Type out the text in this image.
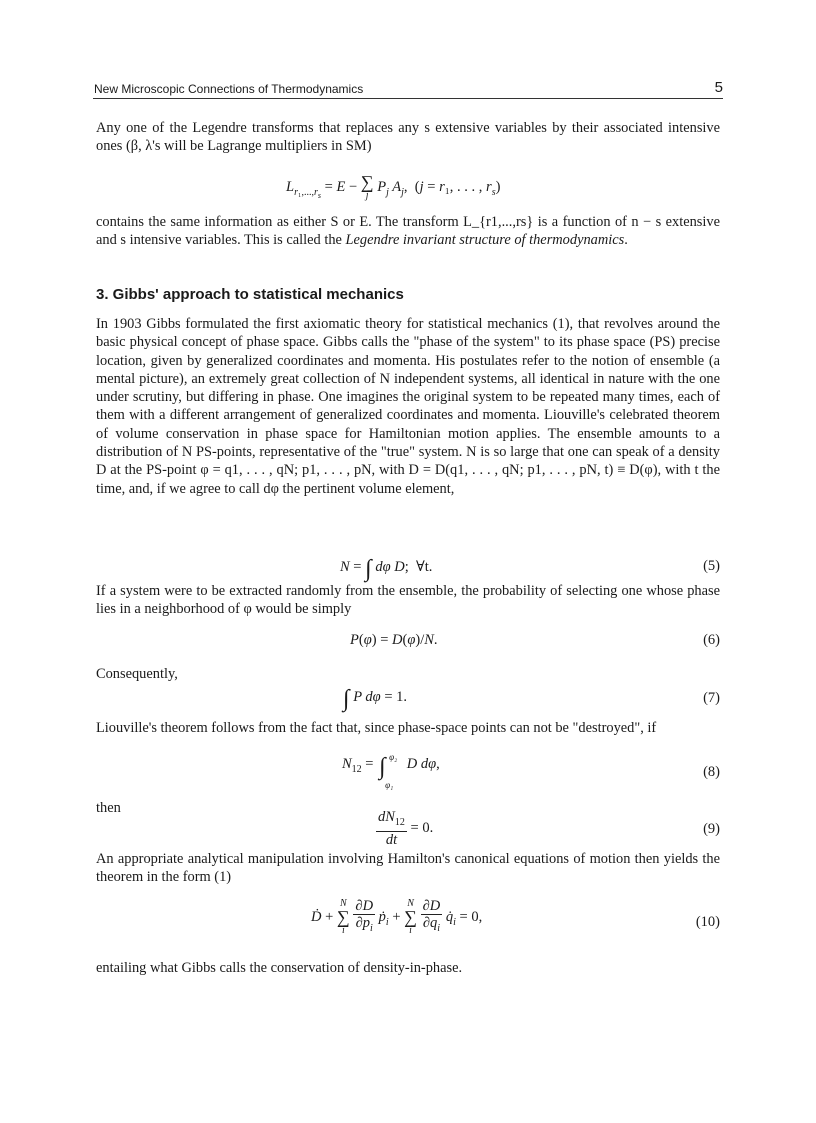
New Microscopic Connections of Thermodynamics	5
Any one of the Legendre transforms that replaces any s extensive variables by their associated intensive ones (β, λ's will be Lagrange multipliers in SM)
$L_{r_1,...,r_s} = E$ − ∑
j
$P_j$ $A_j$,  (j = r₁, . . . , $r_s$)
contains the same information as either S or E. The transform L_{r1,...,rs} is a function of n − s extensive and s intensive variables. This is called the Legendre invariant structure of thermodynamics.
3. Gibbs' approach to statistical mechanics
In 1903 Gibbs formulated the first axiomatic theory for statistical mechanics (1), that revolves around the basic physical concept of phase space. Gibbs calls the "phase of the system" to its phase space (PS) precise location, given by generalized coordinates and momenta. His postulates refer to the notion of ensemble (a mental picture), an extremely great collection of N independent systems, all identical in nature with the one under scrutiny, but differing in phase. One imagines the original system to be repeated many times, each of them with a different arrangement of generalized coordinates and momenta. Liouville's celebrated theorem of volume conservation in phase space for Hamiltonian motion applies. The ensemble amounts to a distribution of N PS-points, representative of the "true" system. N is so large that one can speak of a density D at the PS-point φ = q1, . . . , qN; p1, . . . , pN, with D = D(q1, . . . , qN; p1, . . . , pN, t) ≡ D(φ), with t the time, and, if we agree to call dφ the pertinent volume element,
N = ∫ dφ D;  ∀t.	(5)
If a system were to be extracted randomly from the ensemble, the probability of selecting one whose phase lies in a neighborhood of φ would be simply
P(φ) = D(φ)/N.	(6)
Consequently,
∫ P dφ = 1.	(7)
Liouville's theorem follows from the fact that, since phase-space points can not be "destroyed", if
$N_{12}$ = ∫ φ₂
φ₁
D dφ,	(8)
then
$\frac{dN_{12}}{dt} = 0$.	(9)
An appropriate analytical manipulation involving Hamilton's canonical equations of motion then yields the theorem in the form (1)
Ḋ +
N
∑
i
$\frac{\partial D}{\partial p_i}$ ṗ$_i$ +
N
∑
i
$\frac{\partial D}{\partial q_i}$ $q̇_i = 0$,	(10)
entailing what Gibbs calls the conservation of density-in-phase.
